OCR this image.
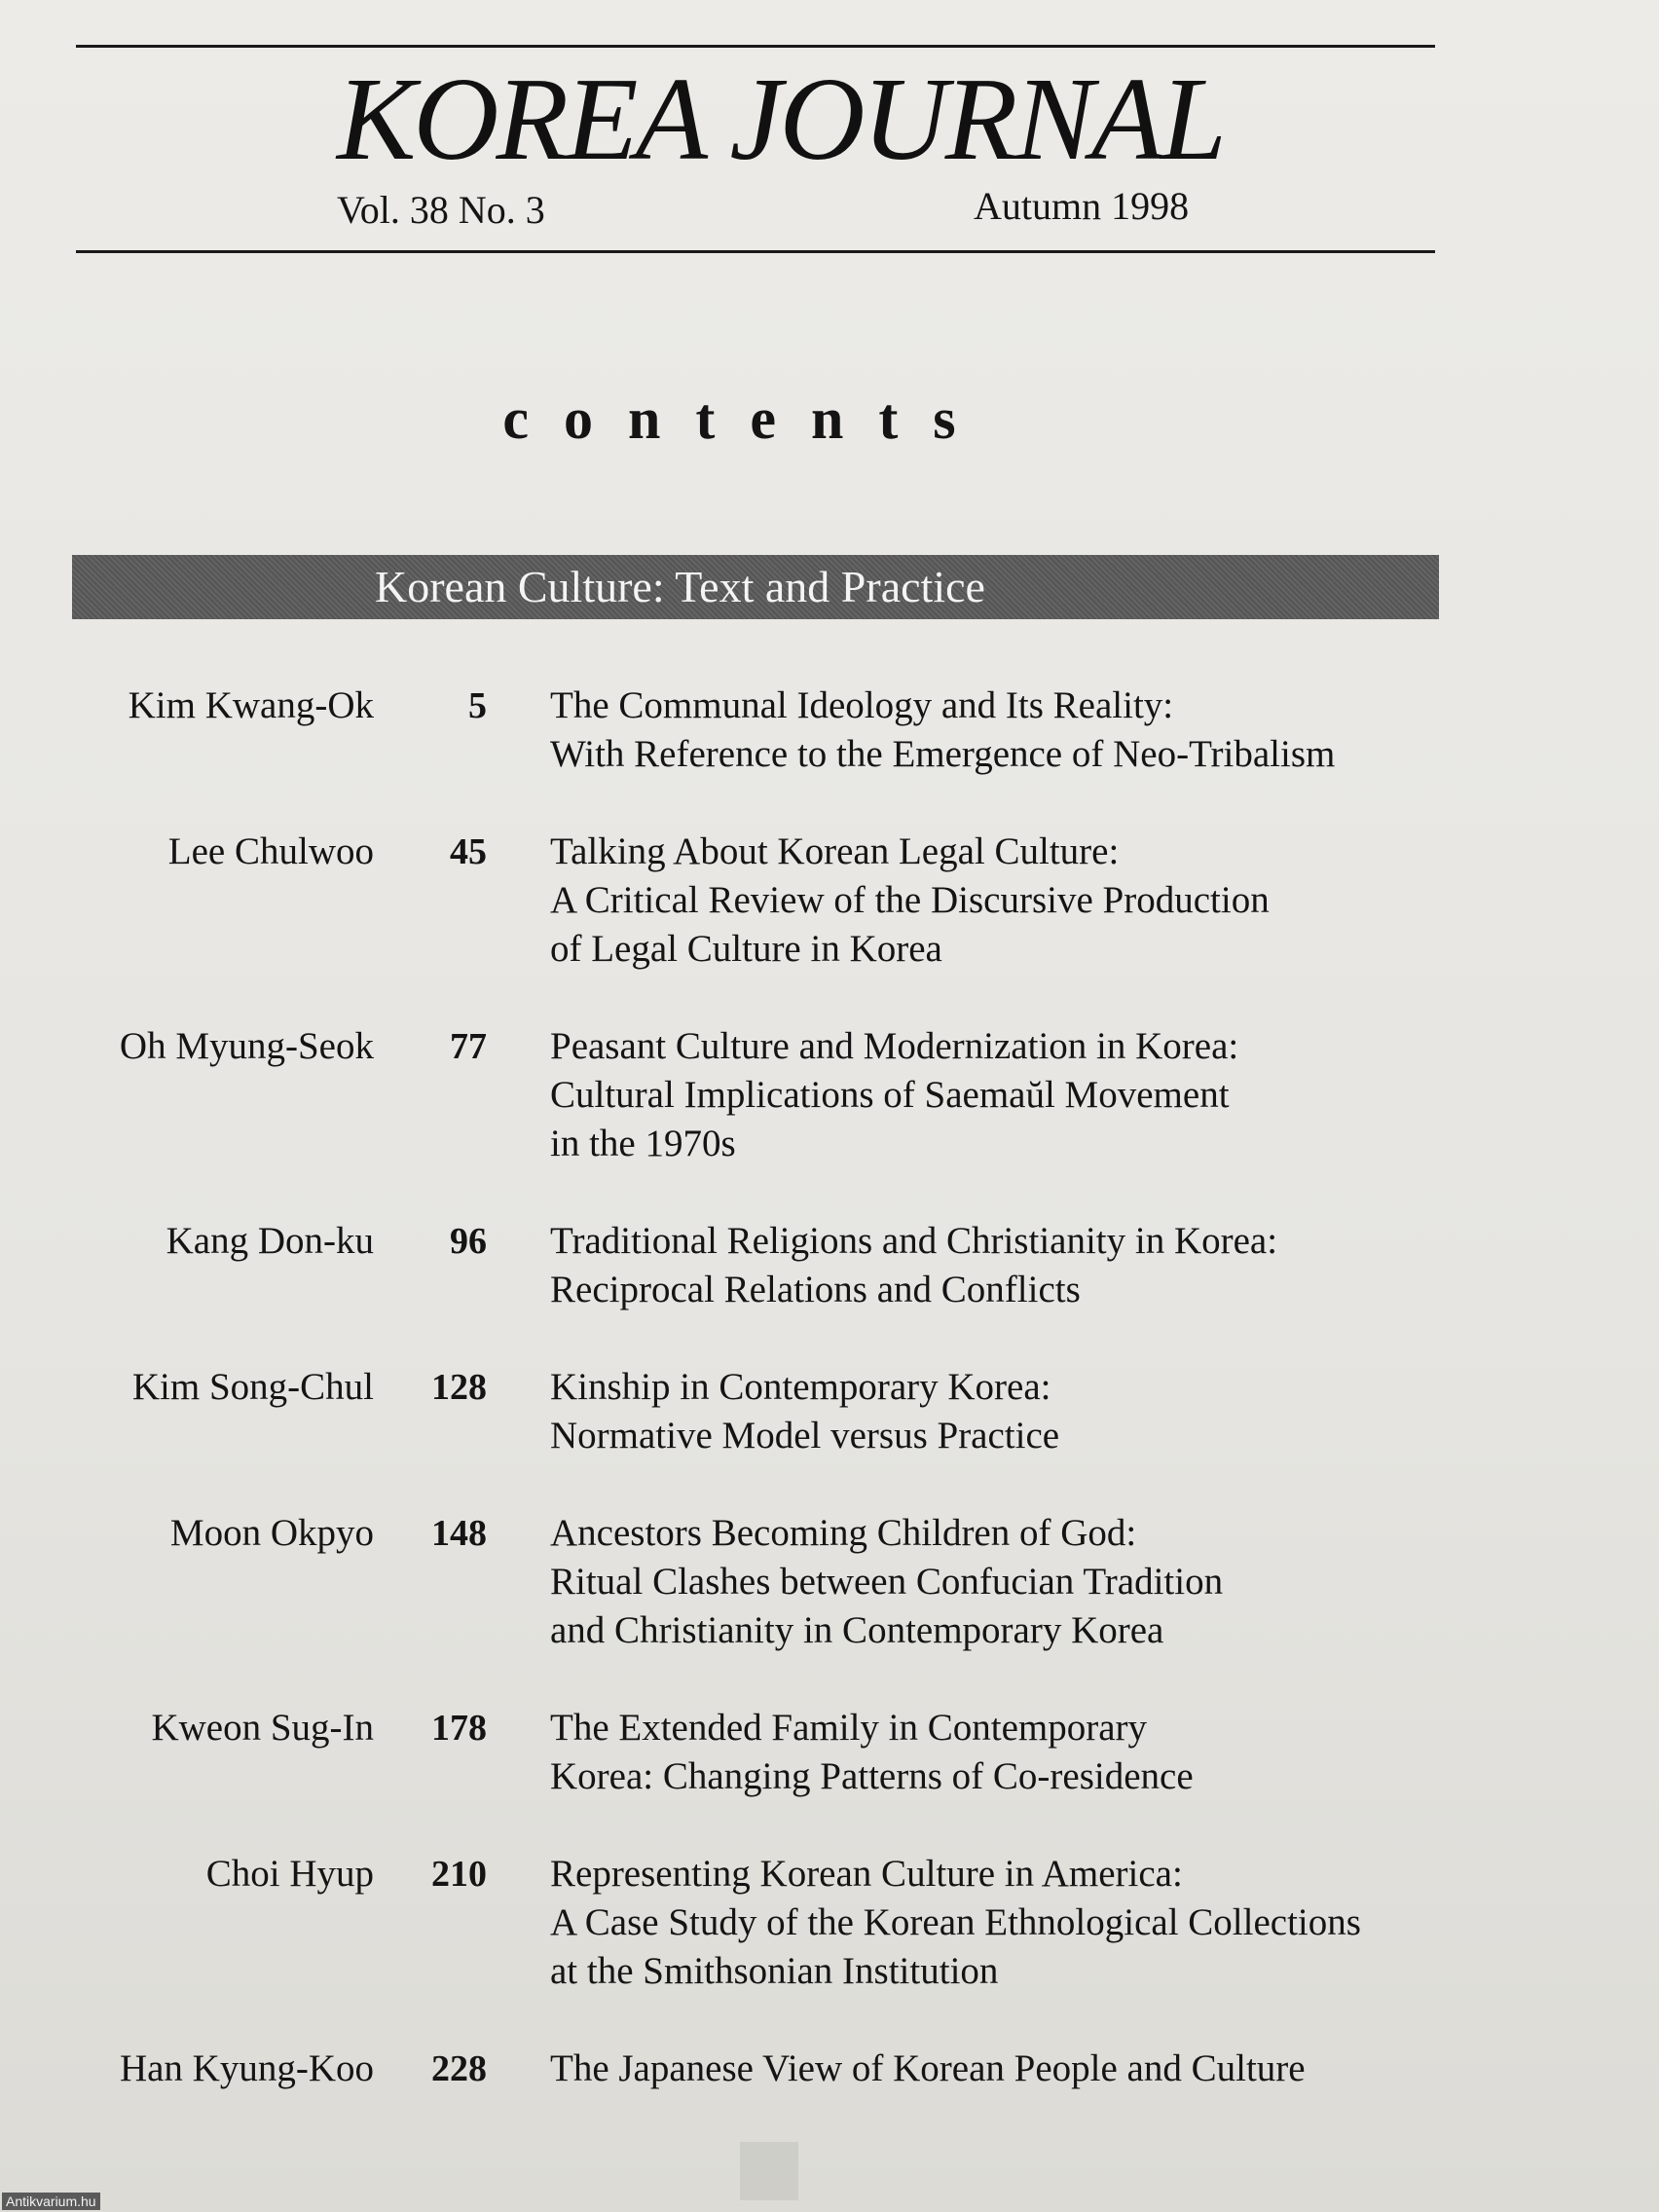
KOREA JOURNAL
Vol. 38 No. 3	Autumn 1998
contents
Korean Culture: Text and Practice
Kim Kwang-Ok	5 The Communal Ideology and Its Reality:
With Reference to the Emergence of Neo-Tribalism
Lee Chulwoo 45 Talking About Korean Legal Culture:
A Critical Review of the Discursive Production
of Legal Culture in Korea
Oh Myung-Seok 77 Peasant Culture and Modernization in Korea:
Cultural Implications of Saemaŭl Movement
in the 1970s
Kang Don-ku 96 Traditional Religions and Christianity in Korea:
Reciprocal Relations and Conflicts
Kim Song-Chul 128 Kinship in Contemporary Korea:
Normative Model versus Practice
Moon Okpyo 148 Ancestors Becoming Children of God:
Ritual Clashes between Confucian Tradition
and Christianity in Contemporary Korea
Kweon Sug-In 178 The Extended Family in Contemporary
Korea: Changing Patterns of Co-residence
Choi Hyup 210 Representing Korean Culture in America:
A Case Study of the Korean Ethnological Collections
at the Smithsonian Institution
Han Kyung-Koo 228 The Japanese View of Korean People and Culture
Antikvarium.hu
